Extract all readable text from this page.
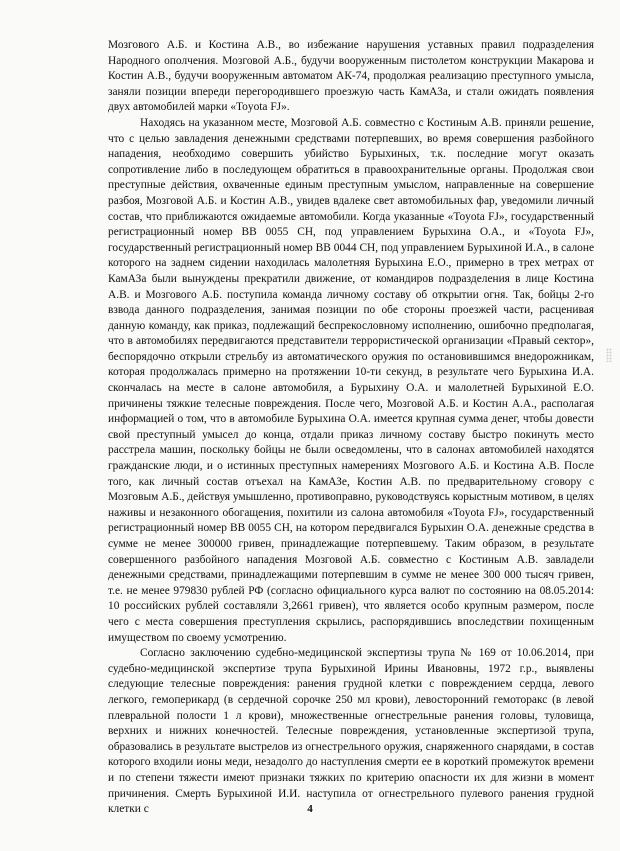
Мозгового А.Б. и Костина А.В., во избежание нарушения уставных правил подразделения Народного ополчения. Мозговой А.Б., будучи вооруженным пистолетом конструкции Макарова и Костин А.В., будучи вооруженным автоматом АК-74, продолжая реализацию преступного умысла, заняли позиции впереди перегородившего проезжую часть КамАЗа, и стали ожидать появления двух автомобилей марки «Toyota FJ».

Находясь на указанном месте, Мозговой А.Б. совместно с Костиным А.В. приняли решение, что с целью завладения денежными средствами потерпевших, во время совершения разбойного нападения, необходимо совершить убийство Бурыхиных, т.к. последние могут оказать сопротивление либо в последующем обратиться в правоохранительные органы. Продолжая свои преступные действия, охваченные единым преступным умыслом, направленные на совершение разбоя, Мозговой А.Б. и Костин А.В., увидев вдалеке свет автомобильных фар, уведомили личный состав, что приближаются ожидаемые автомобили. Когда указанные «Toyota FJ», государственный регистрационный номер ВВ 0055 СН, под управлением Бурыхина О.А., и «Toyota FJ», государственный регистрационный номер ВВ 0044 СН, под управлением Бурыхиной И.А., в салоне которого на заднем сидении находилась малолетняя Бурыхина Е.О., примерно в трех метрах от КамАЗа были вынуждены прекратили движение, от командиров подразделения в лице Костина А.В. и Мозгового А.Б. поступила команда личному составу об открытии огня. Так, бойцы 2-го взвода данного подразделения, занимая позиции по обе стороны проезжей части, расценивая данную команду, как приказ, подлежащий беспрекословному исполнению, ошибочно предполагая, что в автомобилях передвигаются представители террористической организации «Правый сектор», беспорядочно открыли стрельбу из автоматического оружия по остановившимся внедорожникам, которая продолжалась примерно на протяжении 10-ти секунд, в результате чего Бурыхина И.А. скончалась на месте в салоне автомобиля, а Бурыхину О.А. и малолетней Бурыхиной Е.О. причинены тяжкие телесные повреждения. После чего, Мозговой А.Б. и Костин А.А., располагая информацией о том, что в автомобиле Бурыхина О.А. имеется крупная сумма денег, чтобы довести свой преступный умысел до конца, отдали приказ личному составу быстро покинуть место расстрела машин, поскольку бойцы не были осведомлены, что в салонах автомобилей находятся гражданские люди, и о истинных преступных намерениях Мозгового А.Б. и Костина А.В. После того, как личный состав отъехал на КамАЗе, Костин А.В. по предварительному сговору с Мозговым А.Б., действуя умышленно, противоправно, руководствуясь корыстным мотивом, в целях наживы и незаконного обогащения, похитили из салона автомобиля «Toyota FJ», государственный регистрационный номер ВВ 0055 СН, на котором передвигался Бурыхин О.А. денежные средства в сумме не менее 300000 гривен, принадлежащие потерпевшему. Таким образом, в результате совершенного разбойного нападения Мозговой А.Б. совместно с Костиным А.В. завладели денежными средствами, принадлежащими потерпевшим в сумме не менее 300 000 тысяч гривен, т.е. не менее 979830 рублей РФ (согласно официального курса валют по состоянию на 08.05.2014: 10 российских рублей составляли 3,2661 гривен), что является особо крупным размером, после чего с места совершения преступления скрылись, распорядившись впоследствии похищенным имуществом по своему усмотрению.

Согласно заключению судебно-медицинской экспертизы трупа № 169 от 10.06.2014, при судебно-медицинской экспертизе трупа Бурыхиной Ирины Ивановны, 1972 г.р., выявлены следующие телесные повреждения: ранения грудной клетки с повреждением сердца, левого легкого, гемоперикард (в сердечной сорочке 250 мл крови), левосторонний гемоторакс (в левой плевральной полости 1 л крови), множественные огнестрельные ранения головы, туловища, верхних и нижних конечностей. Телесные повреждения, установленные экспертизой трупа, образовались в результате выстрелов из огнестрельного оружия, снаряженного снарядами, в состав которого входили ионы меди, незадолго до наступления смерти ее в короткий промежуток времени и по степени тяжести имеют признаки тяжких по критерию опасности их для жизни в момент причинения. Смерть Бурыхиной И.И. наступила от огнестрельного пулевого ранения грудной клетки с	4
